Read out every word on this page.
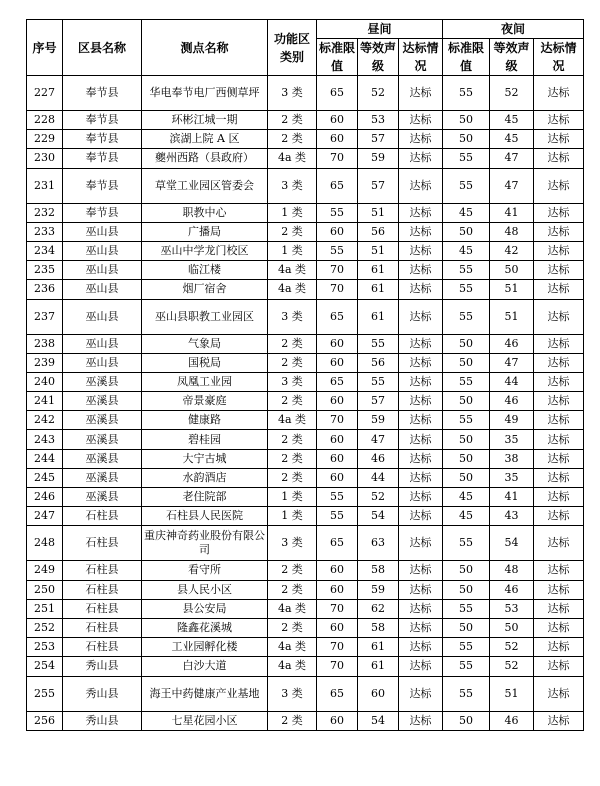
序号	区县名称	测点名称	功能区类别	昼间			夜间		
				标准限值	等效声级	达标情况	标准限值	等效声级	达标情况
227	奉节县	华电奉节电厂西侧草坪	3 类	65	52	达标	55	52	达标
228	奉节县	环彬江城一期	2 类	60	53	达标	50	45	达标
229	奉节县	滨湖上院 A 区	2 类	60	57	达标	50	45	达标
230	奉节县	夔州西路（县政府）	4a 类	70	59	达标	55	47	达标
231	奉节县	草堂工业园区管委会	3 类	65	57	达标	55	47	达标
232	奉节县	职教中心	1 类	55	51	达标	45	41	达标
233	巫山县	广播局	2 类	60	56	达标	50	48	达标
234	巫山县	巫山中学龙门校区	1 类	55	51	达标	45	42	达标
235	巫山县	临江楼	4a 类	70	61	达标	55	50	达标
236	巫山县	烟厂宿舍	4a 类	70	61	达标	55	51	达标
237	巫山县	巫山县职教工业园区	3 类	65	61	达标	55	51	达标
238	巫山县	气象局	2 类	60	55	达标	50	46	达标
239	巫山县	国税局	2 类	60	56	达标	50	47	达标
240	巫溪县	凤凰工业园	3 类	65	55	达标	55	44	达标
241	巫溪县	帝景豪庭	2 类	60	57	达标	50	46	达标
242	巫溪县	健康路	4a 类	70	59	达标	55	49	达标
243	巫溪县	碧桂园	2 类	60	47	达标	50	35	达标
244	巫溪县	大宁古城	2 类	60	46	达标	50	38	达标
245	巫溪县	水韵酒店	2 类	60	44	达标	50	35	达标
246	巫溪县	老住院部	1 类	55	52	达标	45	41	达标
247	石柱县	石柱县人民医院	1 类	55	54	达标	45	43	达标
248	石柱县	重庆神奇药业股份有限公司	3 类	65	63	达标	55	54	达标
249	石柱县	看守所	2 类	60	58	达标	50	48	达标
250	石柱县	县人民小区	2 类	60	59	达标	50	46	达标
251	石柱县	县公安局	4a 类	70	62	达标	55	53	达标
252	石柱县	隆鑫花溪城	2 类	60	58	达标	50	50	达标
253	石柱县	工业园孵化楼	4a 类	70	61	达标	55	52	达标
254	秀山县	白沙大道	4a 类	70	61	达标	55	52	达标
255	秀山县	海王中药健康产业基地	3 类	65	60	达标	55	51	达标
256	秀山县	七星花园小区	2 类	60	54	达标	50	46	达标
